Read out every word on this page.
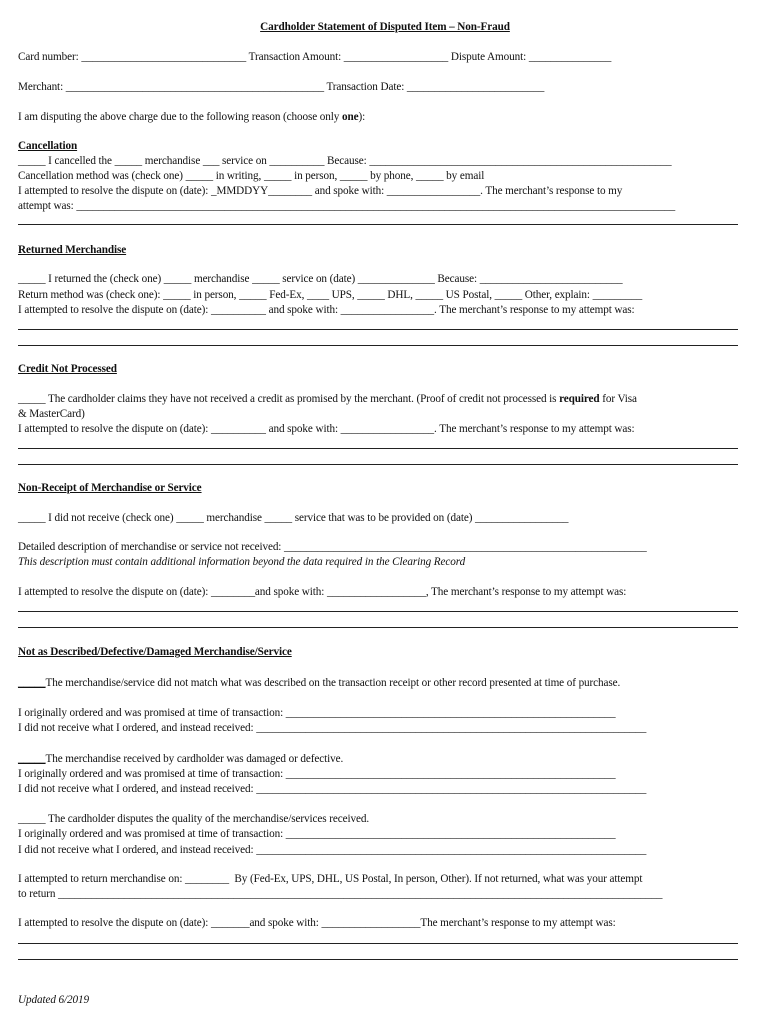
Cardholder Statement of Disputed Item – Non-Fraud
Card number: ______________________________ Transaction Amount: ___________________ Dispute Amount: _______________
Merchant: _______________________________________________ Transaction Date: _________________________
I am disputing the above charge due to the following reason (choose only one):
Cancellation
_____ I cancelled the _____ merchandise ___ service on __________ Because: _______________________________________________________
Cancellation method was (check one) _____ in writing, _____ in person, _____ by phone, _____ by email
I attempted to resolve the dispute on (date): _MMDDYY________ and spoke with: _________________. The merchant’s response to my
attempt was: _____________________________________________________________________________________________________________
Returned Merchandise
_____ I returned the (check one) _____ merchandise _____ service on (date) ______________ Because: __________________________
Return method was (check one): _____ in person, _____ Fed-Ex, ____ UPS, _____ DHL, _____ US Postal, _____ Other, explain: _________
I attempted to resolve the dispute on (date): __________ and spoke with: _________________. The merchant’s response to my attempt was:
Credit Not Processed
_____ The cardholder claims they have not received a credit as promised by the merchant. (Proof of credit not processed is required for Visa
& MasterCard)
I attempted to resolve the dispute on (date): __________ and spoke with: _________________. The merchant’s response to my attempt was:
Non-Receipt of Merchandise or Service
_____ I did not receive (check one) _____ merchandise _____ service that was to be provided on (date) _________________
Detailed description of merchandise or service not received: __________________________________________________________________
This description must contain additional information beyond the data required in the Clearing Record
I attempted to resolve the dispute on (date): ________and spoke with: __________________, The merchant’s response to my attempt was:
Not as Described/Defective/Damaged Merchandise/Service
_____The merchandise/service did not match what was described on the transaction receipt or other record presented at time of purchase.
I originally ordered and was promised at time of transaction: ____________________________________________________________
I did not receive what I ordered, and instead received: _______________________________________________________________________
_____The merchandise received by cardholder was damaged or defective.
I originally ordered and was promised at time of transaction: ____________________________________________________________
I did not receive what I ordered, and instead received: _______________________________________________________________________
_____ The cardholder disputes the quality of the merchandise/services received.
I originally ordered and was promised at time of transaction: ____________________________________________________________
I did not receive what I ordered, and instead received: _______________________________________________________________________
I attempted to return merchandise on: ________  By (Fed-Ex, UPS, DHL, US Postal, In person, Other). If not returned, what was your attempt
to return ______________________________________________________________________________________________________________
I attempted to resolve the dispute on (date): _______and spoke with: __________________The merchant’s response to my attempt was:
Updated 6/2019
